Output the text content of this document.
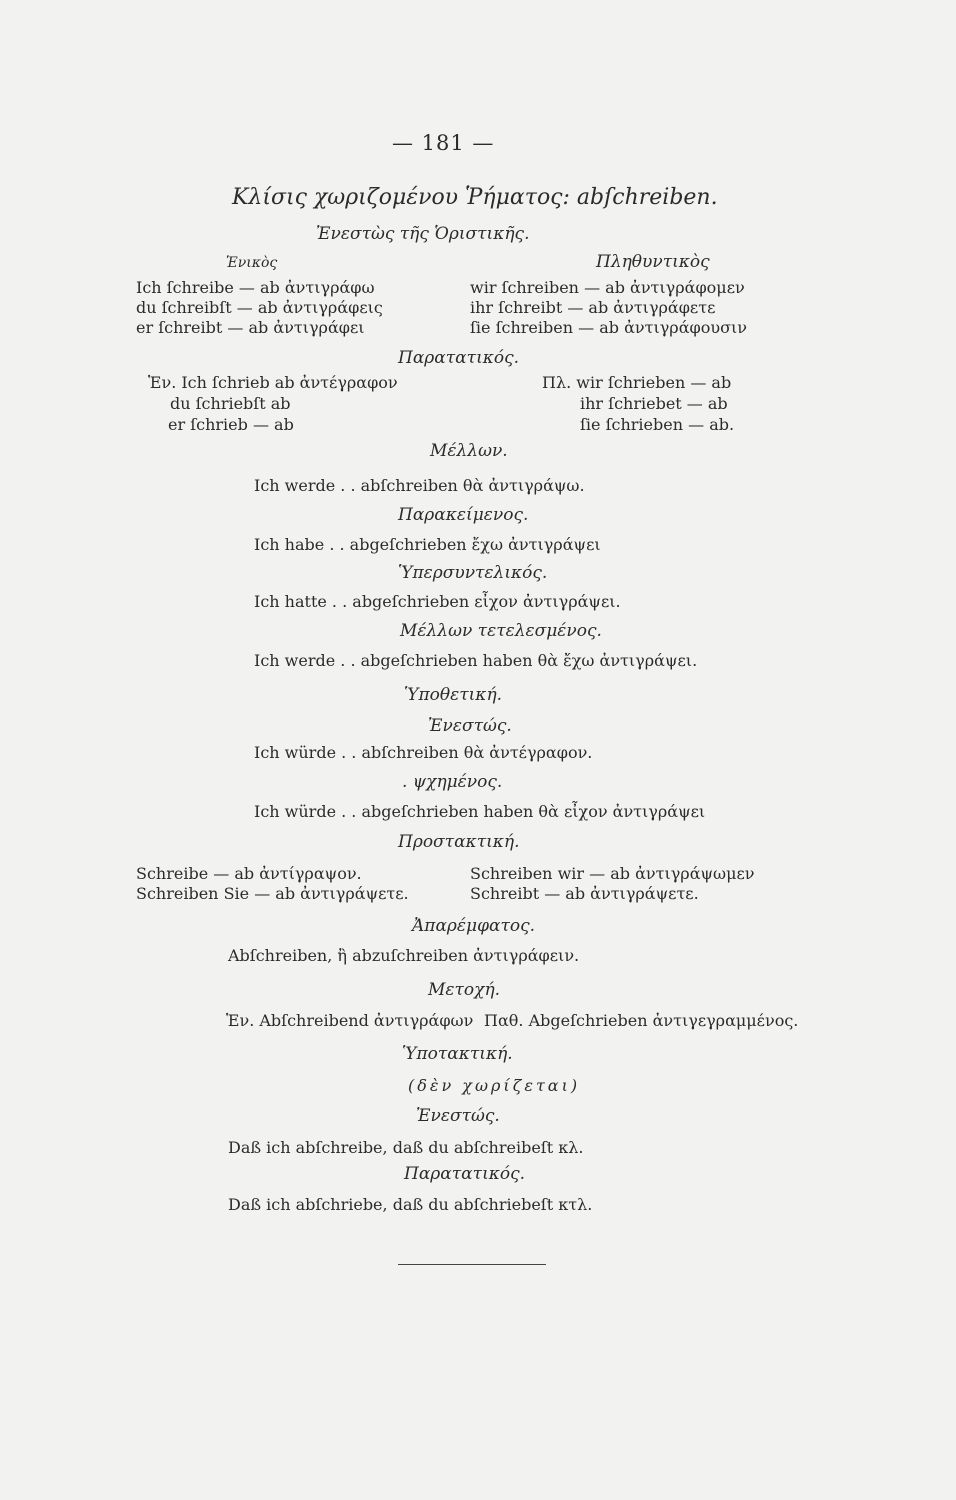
— 181 —
Κλίσις χωριζομένου Ῥήματος: abſchreiben.
Ἐνεστὼς τῆς Ὁριστικῆς.
Ἑνικὸς	Πληθυντικὸς
Ich ſchreibe — ab ἀντιγράφω
du ſchreibſt — ab ἀντιγράφεις
er ſchreibt — ab ἀντιγράφει
wir ſchreiben — ab ἀντιγράφομεν
ihr ſchreibt — ab ἀντιγράφετε
ſie ſchreiben — ab ἀντιγράφουσιν
Παρατατικός.
Ἑν. Ich ſchrieb ab ἀντέγραφον
du ſchriebſt ab
er ſchrieb — ab
Πλ. wir ſchrieben — ab
ihr ſchriebet — ab
ſie ſchrieben — ab.
Μέλλων.
Ich werde . . abſchreiben θὰ ἀντιγράψω.
Παρακείμενος.
Ich habe . . abgeſchrieben ἔχω ἀντιγράψει
Ὑπερσυντελικός.
Ich hatte . . abgeſchrieben εἶχον ἀντιγράψει.
Μέλλων τετελεσμένος.
Ich werde . . abgeſchrieben haben θὰ ἔχω ἀντιγράψει.
Ὑποθετική.
Ἐνεστώς.
Ich würde . . abſchreiben θὰ ἀντέγραφον.
. ψχημένος.
Ich würde . . abgeſchrieben haben θὰ εἶχον ἀντιγράψει
Προστακτική.
Schreibe — ab ἀντίγραψον.
Schreiben Sie — ab ἀντιγράψετε.
Schreiben wir — ab ἀντιγράψωμεν
Schreibt — ab ἀντιγράψετε.
Ἀπαρέμφατος.
Abſchreiben, ἢ abzuſchreiben ἀντιγράφειν.
Μετοχή.
Ἑν. Abſchreibend ἀντιγράφων Παθ. Abgeſchrieben ἀντιγεγραμμένος.
Ὑποτακτική.
(δὲν χωρίζεται)
Ἐνεστώς.
Daß ich abſchreibe, daß du abſchreibeſt κλ.
Παρατατικός.
Daß ich abſchriebe, daß du abſchriebeſt κτλ.
